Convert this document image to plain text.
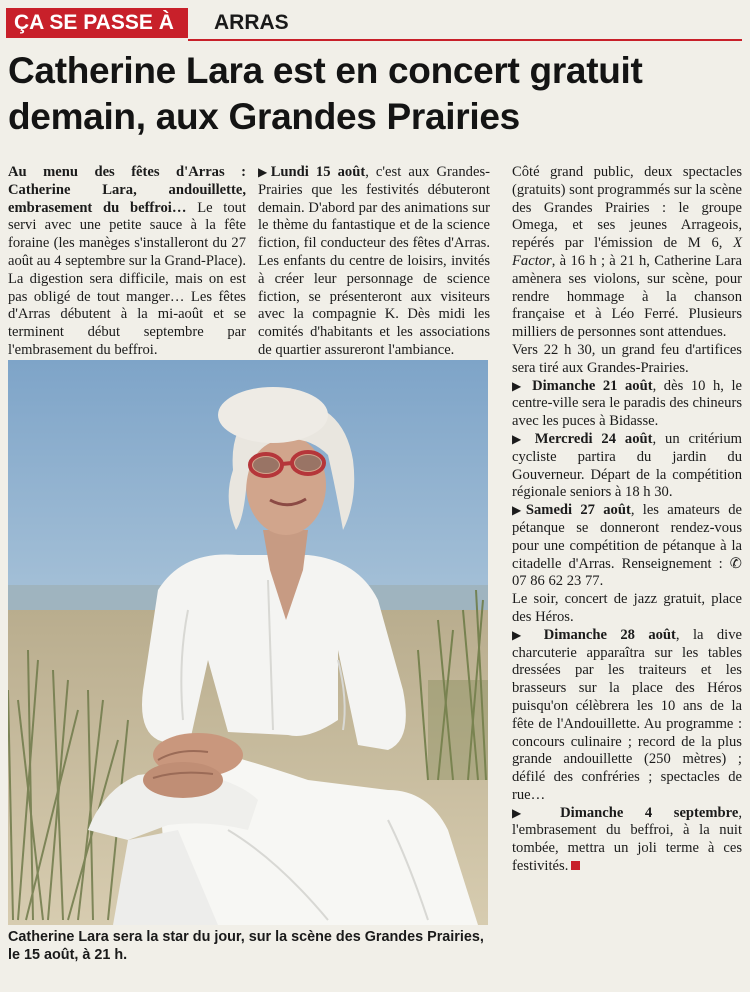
ÇA SE PASSE À	ARRAS
Catherine Lara est en concert gratuit demain, aux Grandes Prairies

Au menu des fêtes d'Arras : Catherine Lara, andouillette, embrasement du beffroi… Le tout servi avec une petite sauce à la fête foraine (les manèges s'installeront du 27 août au 4 septembre sur la Grand-Place). La digestion sera difficile, mais on est pas obligé de tout manger… Les fêtes d'Arras débutent à la mi-août et se terminent début septembre par l'embrasement du beffroi.

▶Lundi 15 août, c'est aux Grandes-Prairies que les festivités débuteront demain. D'abord par des animations sur le thème du fantastique et de la science fiction, fil conducteur des fêtes d'Arras. Les enfants du centre de loisirs, invités à créer leur personnage de science fiction, se présenteront aux visiteurs avec la compagnie K. Dès midi les comités d'habitants et les associations de quartier assureront l'ambiance.

Côté grand public, deux spectacles (gratuits) sont programmés sur la scène des Grandes Prairies : le groupe Omega, et ses jeunes Arrageois, repérés par l'émission de M 6, X Factor, à 16 h ; à 21 h, Catherine Lara amènera ses violons, sur scène, pour rendre hommage à la chanson française et à Léo Ferré. Plusieurs milliers de personnes sont attendues.

Vers 22 h 30, un grand feu d'artifices sera tiré aux Grandes-Prairies.

▶ Dimanche 21 août, dès 10 h, le centre-ville sera le paradis des chineurs avec les puces à Bidasse.

▶ Mercredi 24 août, un critérium cycliste partira du jardin du Gouverneur. Départ de la compétition régionale seniors à 18 h 30.

▶Samedi 27 août, les amateurs de pétanque se donneront rendez-vous pour une compétition de pétanque à la citadelle d'Arras. Renseignement : ✆ 07 86 62 23 77.

Le soir, concert de jazz gratuit, place des Héros.

▶ Dimanche 28 août, la dive charcuterie apparaîtra sur les tables dressées par les traiteurs et les brasseurs sur la place des Héros puisqu'on célèbrera les 10 ans de la fête de l'Andouillette. Au programme : concours culinaire ; record de la plus grande andouillette (250 mètres) ; défilé des confréries ; spectacles de rue…

▶ Dimanche 4 septembre, l'embrasement du beffroi, à la nuit tombée, mettra un joli terme à ces festivités.

Catherine Lara sera la star du jour, sur la scène des Grandes Prairies, le 15 août, à 21 h.
